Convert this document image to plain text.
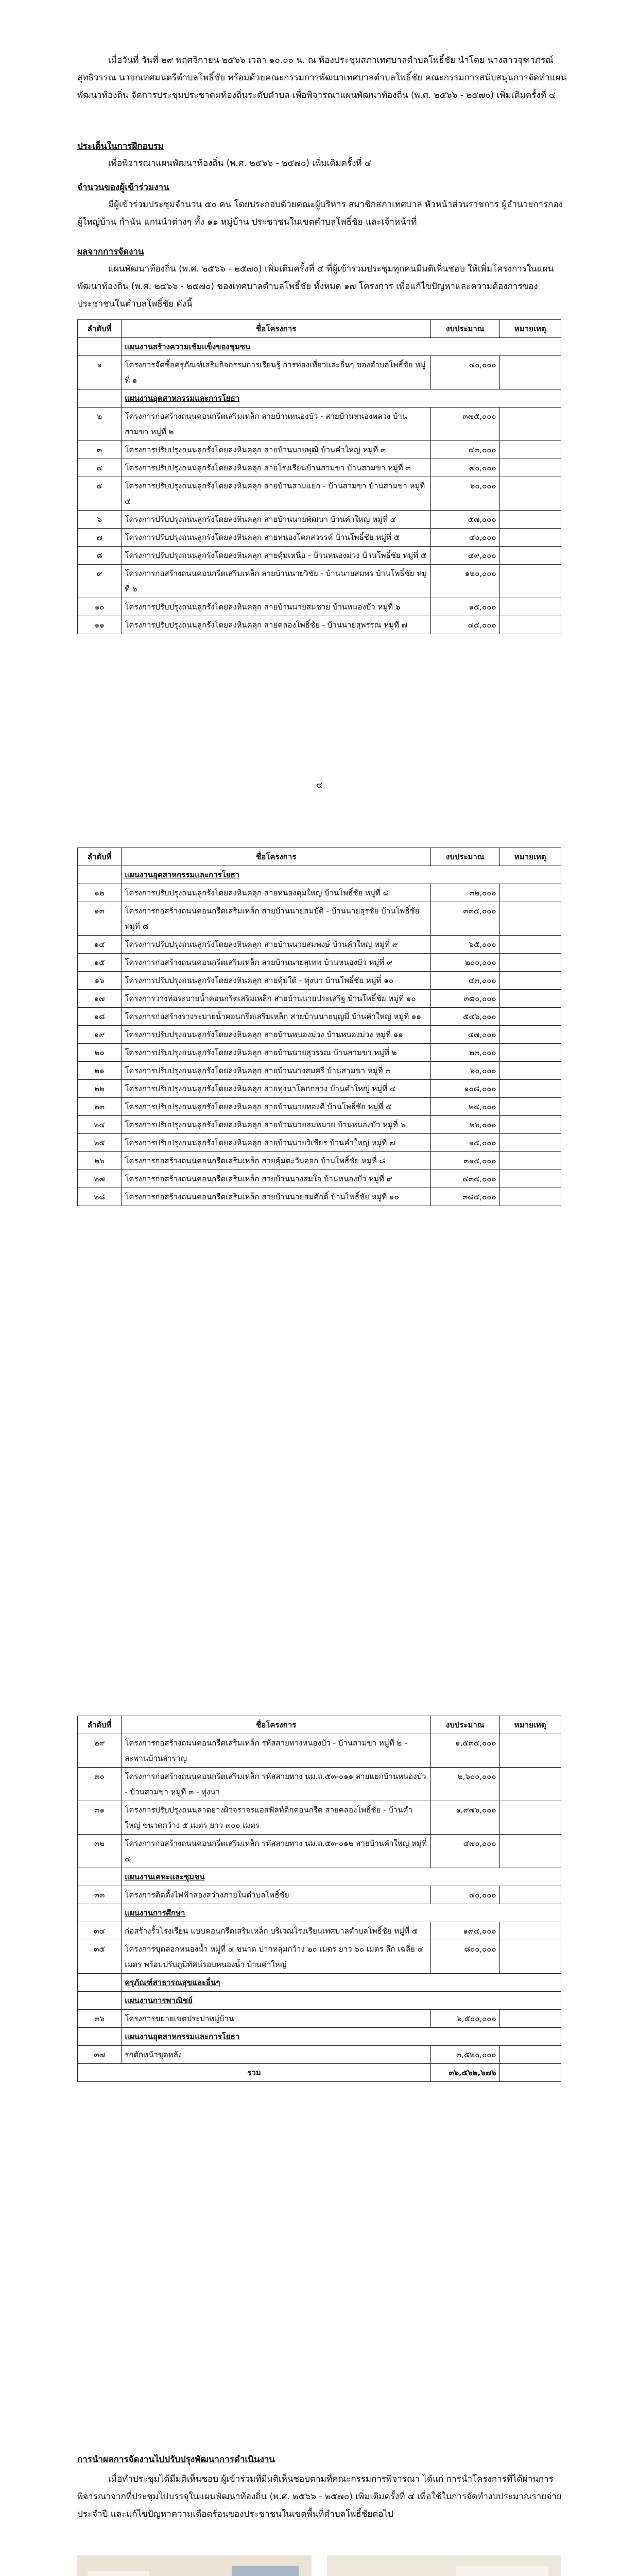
เมื่อวันที่ วันที่ ๒๙ พฤศจิกายน ๒๕๖๖ เวลา ๑๐.๐๐ น. ณ ห้องประชุมสภาเทศบาลตำบลโพธิ์ชัย นำโดย นางสาวจุฑาภรณ์ สุทธิวรรณ นายกเทศมนตรีตำบลโพธิ์ชัย พร้อมด้วยคณะกรรมการพัฒนาเทศบาลตำบลโพธิ์ชัย คณะกรรมการสนับสนุนการจัดทำแผนพัฒนาท้องถิ่น จัดการประชุมประชาคมท้องถิ่นระดับตำบล เพื่อพิจารณาแผนพัฒนาท้องถิ่น (พ.ศ. ๒๕๖๖ - ๒๕๗๐) เพิ่มเติมครั้งที่ ๔
ประเด็นในการฝึกอบรม
เพื่อพิจารณาแผนพัฒนาท้องถิ่น (พ.ศ. ๒๕๖๖ - ๒๕๗๐) เพิ่มเติมครั้งที่ ๔
จำนวนของผู้เข้าร่วมงาน
มีผู้เข้าร่วมประชุมจำนวน ๕๐ คน โดยประกอบด้วยคณะผู้บริหาร สมาชิกสภาเทศบาล หัวหน้าส่วนราชการ ผู้อำนวยการกอง ผู้ใหญ่บ้าน กำนัน แกนนำต่างๆ ทั้ง ๑๑ หมู่บ้าน ประชาชนในเขตตำบลโพธิ์ชัย และเจ้าหน้าที่
ผลจากการจัดงาน
แผนพัฒนาท้องถิ่น (พ.ศ. ๒๕๖๖ - ๒๕๗๐) เพิ่มเติมครั้งที่ ๔ ที่ผู้เข้าร่วมประชุมทุกคนมีมติเห็นชอบ ให้เพิ่มโครงการในแผนพัฒนาท้องถิ่น (พ.ศ. ๒๕๖๖ - ๒๕๗๐) ของเทศบาลตำบลโพธิ์ชัย ทั้งหมด ๑๗ โครงการ เพื่อแก้ไขปัญหาและความต้องการของประชาชนในตำบลโพธิ์ชัย ดังนี้
ลำดับที่	ชื่อโครงการ	งบประมาณ	หมายเหตุ
	แผนงานสร้างความเข้มแข็งของชุมชน		
๑	โครงการจัดซื้อครุภัณฑ์เสริมกิจกรรมการเรียนรู้ การท่องเที่ยวและอื่นๆ ของตำบลโพธิ์ชัย หมู่ที่ ๑	๔๐,๐๐๐	
	แผนงานอุตสาหกรรมและการโยธา		
๒	โครงการก่อสร้างถนนคอนกรีตเสริมเหล็ก สายบ้านหนองบัว - สายบ้านหนองพลวง บ้านสามขา หมู่ที่ ๒	๓๗๕,๐๐๐	
๓	โครงการปรับปรุงถนนลูกรังโดยลงหินคลุก สายบ้านนายพุฒิ บ้านคำใหญ่ หมู่ที่ ๓	๕๓,๐๐๐	
๔	โครงการปรับปรุงถนนลูกรังโดยลงหินคลุก สายโรงเรียนบ้านสามขา บ้านสามขา หมู่ที่ ๓	๗๐,๐๐๐	
๕	โครงการปรับปรุงถนนลูกรังโดยลงหินคลุก สายบ้านสามแยก - บ้านสามขา บ้านสามขา หมู่ที่ ๔	๖๐,๐๐๐	
๖	โครงการปรับปรุงถนนลูกรังโดยลงหินคลุก สายบ้านนายพัฒนา บ้านคำใหญ่ หมู่ที่ ๔	๕๗,๐๐๐	
๗	โครงการปรับปรุงถนนลูกรังโดยลงหินคลุก สายหนองโคกสวรรค์ บ้านโพธิ์ชัย หมู่ที่ ๕	๔๐,๐๐๐	
๘	โครงการปรับปรุงถนนลูกรังโดยลงหินคลุก สายคุ้มเหนือ - บ้านหนองม่วง บ้านโพธิ์ชัย หมู่ที่ ๕	๔๙,๐๐๐	
๙	โครงการก่อสร้างถนนคอนกรีตเสริมเหล็ก สายบ้านนายวิชัย - บ้านนายสมพร บ้านโพธิ์ชัย หมู่ที่ ๖	๑๒๐,๐๐๐	
๑๐	โครงการปรับปรุงถนนลูกรังโดยลงหินคลุก สายบ้านนายสมชาย บ้านหนองบัว หมู่ที่ ๖	๑๕,๐๐๐	
๑๑	โครงการปรับปรุงถนนลูกรังโดยลงหินคลุก สายคลองโพธิ์ชัย - บ้านนายสุพรรณ หมู่ที่ ๗	๔๕,๐๐๐	
๔
ลำดับที่	ชื่อโครงการ	งบประมาณ	หมายเหตุ
	แผนงานอุตสาหกรรมและการโยธา		
๑๒	โครงการปรับปรุงถนนลูกรังโดยลงหินคลุก สายหนองดุมใหญ่ บ้านโพธิ์ชัย หมู่ที่ ๘	๓๒,๐๐๐	
๑๓	โครงการก่อสร้างถนนคอนกรีตเสริมเหล็ก สายบ้านนายสมบัติ - บ้านนายสุรชัย บ้านโพธิ์ชัย หมู่ที่ ๘	๓๓๕,๐๐๐	
๑๔	โครงการปรับปรุงถนนลูกรังโดยลงหินคลุก สายบ้านนายสมพงษ์ บ้านคำใหญ่ หมู่ที่ ๙	๖๕,๐๐๐	
๑๕	โครงการก่อสร้างถนนคอนกรีตเสริมเหล็ก สายบ้านนายสุเทพ บ้านหนองบัว หมู่ที่ ๙	๒๐๐,๐๐๐	
๑๖	โครงการปรับปรุงถนนลูกรังโดยลงหินคลุก สายคุ้มใต้ - ทุ่งนา บ้านโพธิ์ชัย หมู่ที่ ๑๐	๔๓,๐๐๐	
๑๗	โครงการวางท่อระบายน้ำคอนกรีตเสริมเหล็ก สายบ้านนายประเสริฐ บ้านโพธิ์ชัย หมู่ที่ ๑๐	๓๘๐,๐๐๐	
๑๘	โครงการก่อสร้างรางระบายน้ำคอนกรีตเสริมเหล็ก สายบ้านนายบุญมี บ้านคำใหญ่ หมู่ที่ ๑๑	๕๔๖,๐๐๐	
๑๙	โครงการปรับปรุงถนนลูกรังโดยลงหินคลุก สายบ้านหนองม่วง บ้านหนองม่วง หมู่ที่ ๑๑	๔๗,๐๐๐	
๒๐	โครงการปรับปรุงถนนลูกรังโดยลงหินคลุก สายบ้านนายสุวรรณ บ้านสามขา หมู่ที่ ๒	๒๓,๐๐๐	
๒๑	โครงการปรับปรุงถนนลูกรังโดยลงหินคลุก สายบ้านนางสมศรี บ้านสามขา หมู่ที่ ๓	๖๐,๐๐๐	
๒๒	โครงการปรับปรุงถนนลูกรังโดยลงหินคลุก สายทุ่งนาโคกกลาง บ้านคำใหญ่ หมู่ที่ ๔	๑๐๘,๐๐๐	
๒๓	โครงการปรับปรุงถนนลูกรังโดยลงหินคลุก สายบ้านนายทองดี บ้านโพธิ์ชัย หมู่ที่ ๕	๒๔,๐๐๐	
๒๔	โครงการปรับปรุงถนนลูกรังโดยลงหินคลุก สายบ้านนายสมหมาย บ้านหนองบัว หมู่ที่ ๖	๒๖,๐๐๐	
๒๕	โครงการปรับปรุงถนนลูกรังโดยลงหินคลุก สายบ้านนายวิเชียร บ้านคำใหญ่ หมู่ที่ ๗	๑๕,๐๐๐	
๒๖	โครงการก่อสร้างถนนคอนกรีตเสริมเหล็ก สายคุ้มตะวันออก บ้านโพธิ์ชัย หมู่ที่ ๘	๓๑๕,๐๐๐	
๒๗	โครงการก่อสร้างถนนคอนกรีตเสริมเหล็ก สายบ้านนางสมใจ บ้านหนองบัว หมู่ที่ ๙	๔๓๕,๐๐๐	
๒๘	โครงการก่อสร้างถนนคอนกรีตเสริมเหล็ก สายบ้านนายสมศักดิ์ บ้านโพธิ์ชัย หมู่ที่ ๑๐	๓๘๕,๐๐๐	
ลำดับที่	ชื่อโครงการ	งบประมาณ	หมายเหตุ
๒๙	โครงการก่อสร้างถนนคอนกรีตเสริมเหล็ก รหัสสายทางหนองบัว - บ้านสามขา หมู่ที่ ๒ - สะพานบ้านสำราญ	๑,๕๓๕,๐๐๐	
๓๐	โครงการก่อสร้างถนนคอนกรีตเสริมเหล็ก รหัสสายทาง นม.ถ.๕๓-๐๑๑ สายแยกบ้านหนองบัว - บ้านสามขา หมู่ที่ ๓ - ทุ่งนา	๒,๖๐๐,๐๐๐	
๓๑	โครงการปรับปรุงถนนลาดยางผิวจราจรแอสฟัลท์ติกคอนกรีต สายคลองโพธิ์ชัย - บ้านคำใหญ่ ขนาดกว้าง ๕ เมตร ยาว ๓๐๐ เมตร	๑,๙๗๖,๐๐๐	
๓๒	โครงการก่อสร้างถนนคอนกรีตเสริมเหล็ก รหัสสายทาง นม.ถ.๕๓-๐๑๒ สายบ้านคำใหญ่ หมู่ที่ ๔	๔๗๐,๐๐๐	
	แผนงานเคหะและชุมชน		
๓๓	โครงการติดตั้งไฟฟ้าส่องสว่างภายในตำบลโพธิ์ชัย	๔๐,๐๐๐	
	แผนงานการศึกษา		
๓๔	ก่อสร้างรั้วโรงเรียน แบบคอนกรีตเสริมเหล็ก บริเวณโรงเรียนเทศบาลตำบลโพธิ์ชัย หมู่ที่ ๕	๑๙๔,๐๐๐	
๓๕	โครงการขุดลอกหนองน้ำ หมู่ที่ ๔ ขนาด ปากหลุมกว้าง ๒๐ เมตร ยาว ๖๐ เมตร ลึก เฉลี่ย ๔ เมตร พร้อมปรับภูมิทัศน์รอบหนองน้ำ บ้านคำใหญ่	๘๐๐,๐๐๐	
	ครุภัณฑ์สาธารณสุขและอื่นๆ		
	แผนงานการพาณิชย์		
๓๖	โครงการขยายเขตประปาหมู่บ้าน	๖,๕๐๐,๐๐๐	
	แผนงานอุตสาหกรรมและการโยธา		
๓๗	รถตักหน้าขุดหลัง	๓,๕๒๐,๐๐๐	
รวม		๓๖,๕๖๒,๖๗๖	
การนำผลการจัดงานไปปรับปรุงพัฒนาการดำเนินงาน
เมื่อทำประชุมได้มีมติเห็นชอบ ผู้เข้าร่วมที่มีมติเห็นชอบตามที่คณะกรรมการพิจารณา ได้แก่ การนำโครงการที่ได้ผ่านการพิจารณาจากที่ประชุมไปบรรจุในแผนพัฒนาท้องถิ่น (พ.ศ. ๒๕๖๖ - ๒๕๗๐) เพิ่มเติมครั้งที่ ๔ เพื่อใช้ในการจัดทำงบประมาณรายจ่ายประจำปี และแก้ไขปัญหาความเดือดร้อนของประชาชนในเขตพื้นที่ตำบลโพธิ์ชัยต่อไป
